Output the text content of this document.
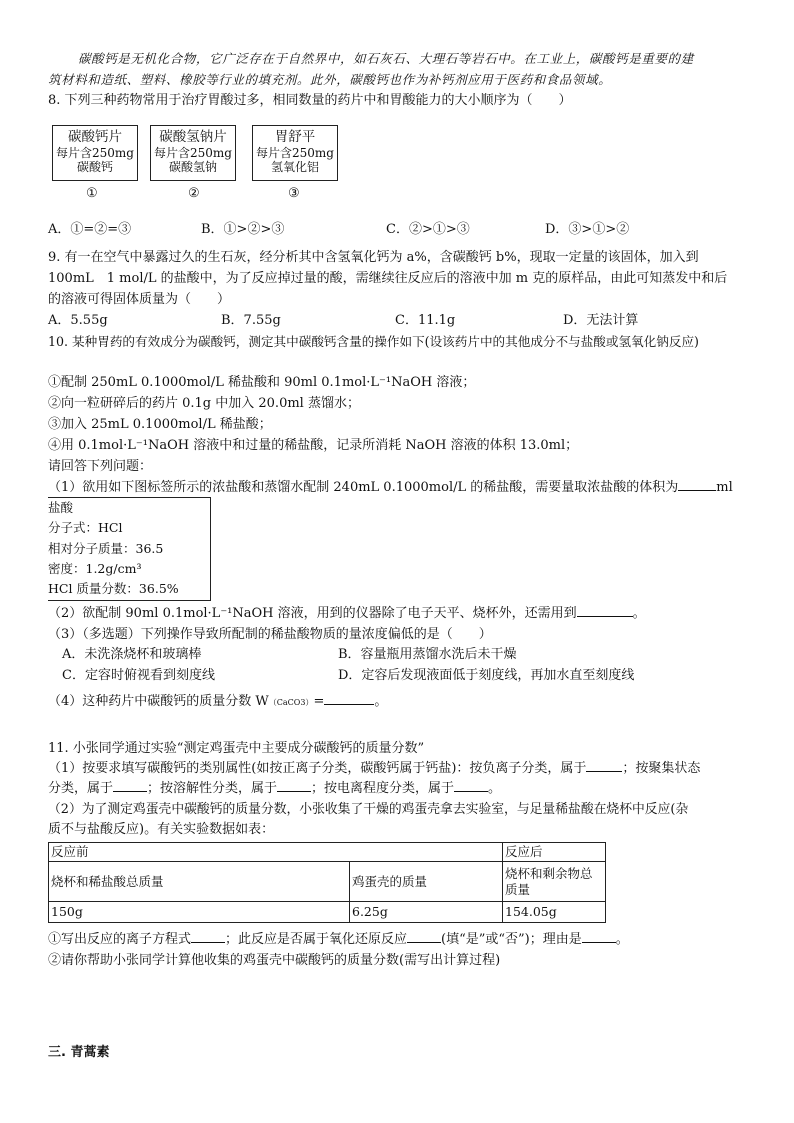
碳酸钙是无机化合物，它广泛存在于自然界中，如石灰石、大理石等岩石中。在工业上，碳酸钙是重要的建
筑材料和造纸、塑料、橡胶等行业的填充剂。此外，碳酸钙也作为补钙剂应用于医药和食品领域。
8. 下列三种药物常用于治疗胃酸过多，相同数量的药片中和胃酸能力的大小顺序为（　　）
碳酸钙片
每片含250mg
碳酸钙
碳酸氢钠片
每片含250mg
碳酸氢钠
胃舒平
每片含250mg
氢氧化铝
①	②	③
A．①=②=③	B．①>②>③	C．②>①>③	D．③>①>②
9. 有一在空气中暴露过久的生石灰，经分析其中含氢氧化钙为 a%，含碳酸钙 b%，现取一定量的该固体，加入到
100mL　1 mol/L 的盐酸中，为了反应掉过量的酸，需继续往反应后的溶液中加 m 克的原样品，由此可知蒸发中和后
的溶液可得固体质量为（　　）
A．5.55g	B．7.55g	C．11.1g	D．无法计算
10. 某种胃药的有效成分为碳酸钙，测定其中碳酸钙含量的操作如下(设该药片中的其他成分不与盐酸或氢氧化钠反应)
①配制 250mL 0.1000mol/L 稀盐酸和 90ml 0.1mol·L⁻¹NaOH 溶液；
②向一粒研碎后的药片 0.1g 中加入 20.0ml 蒸馏水；
③加入 25mL 0.1000mol/L 稀盐酸；
④用 0.1mol·L⁻¹NaOH 溶液中和过量的稀盐酸，记录所消耗 NaOH 溶液的体积 13.0ml；
请回答下列问题：
（1）欲用如下图标签所示的浓盐酸和蒸馏水配制 240mL 0.1000mol/L 的稀盐酸，需要量取浓盐酸的体积为	ml
盐酸
分子式：HCl
相对分子质量：36.5
密度：1.2g/cm³
HCl 质量分数：36.5%
（2）欲配制 90ml 0.1mol·L⁻¹NaOH 溶液，用到的仪器除了电子天平、烧杯外，还需用到	。
（3）（多选题）下列操作导致所配制的稀盐酸物质的量浓度偏低的是（　　）
A．未洗涤烧杯和玻璃棒	B．容量瓶用蒸馏水洗后未干燥
C．定容时俯视看到刻度线	D．定容后发现液面低于刻度线，再加水直至刻度线
（4）这种药片中碳酸钙的质量分数 W（CaCO3）=	。
11. 小张同学通过实验“测定鸡蛋壳中主要成分碳酸钙的质量分数”
（1）按要求填写碳酸钙的类别属性(如按正离子分类，碳酸钙属于钙盐)：按负离子分类，属于	；按聚集状态
分类，属于	；按溶解性分类，属于	；按电离程度分类，属于	。
（2）为了测定鸡蛋壳中碳酸钙的质量分数，小张收集了干燥的鸡蛋壳拿去实验室，与足量稀盐酸在烧杯中反应(杂
质不与盐酸反应)。有关实验数据如表：
反应前		反应后
烧杯和稀盐酸总质量	鸡蛋壳的质量	烧杯和剩余物总
质量

150g	6.25g	154.05g
①写出反应的离子方程式	；此反应是否属于氧化还原反应	(填“是”或“否”)；理由是	。
②请你帮助小张同学计算他收集的鸡蛋壳中碳酸钙的质量分数(需写出计算过程)
三. 青蒿素
